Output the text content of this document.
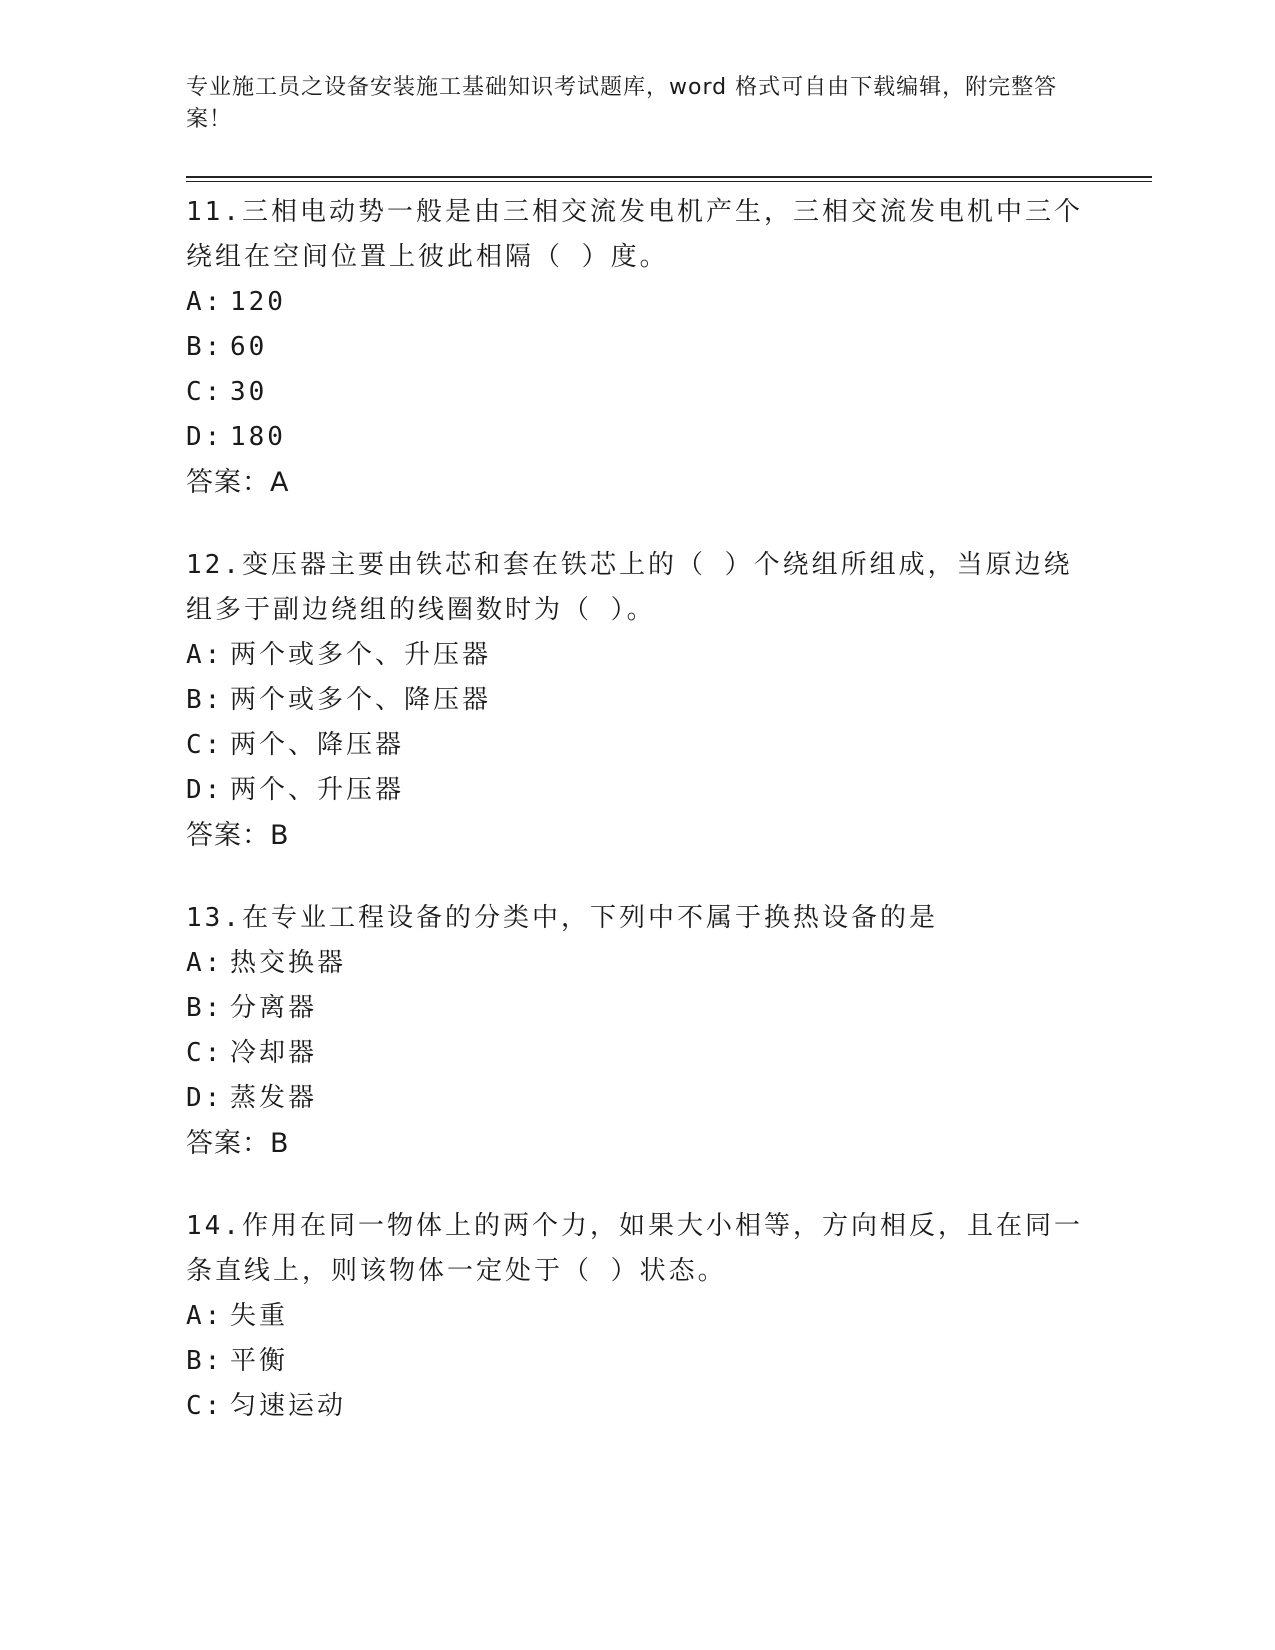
专业施工员之设备安装施工基础知识考试题库，word 格式可自由下载编辑，附完整答案！

11.三相电动势一般是由三相交流发电机产生，三相交流发电机中三个绕组在空间位置上彼此相隔（ ）度。

A: 120
B: 60
C: 30
D: 180
答案：A

12.变压器主要由铁芯和套在铁芯上的（ ）个绕组所组成，当原边绕组多于副边绕组的线圈数时为（ ）。

A: 两个或多个、升压器
B: 两个或多个、降压器
C: 两个、降压器
D: 两个、升压器
答案：B

13.在专业工程设备的分类中，下列中不属于换热设备的是

A: 热交换器
B: 分离器
C: 冷却器
D: 蒸发器
答案：B

14.作用在同一物体上的两个力，如果大小相等，方向相反，且在同一条直线上，则该物体一定处于（ ）状态。

A: 失重
B: 平衡
C: 匀速运动
